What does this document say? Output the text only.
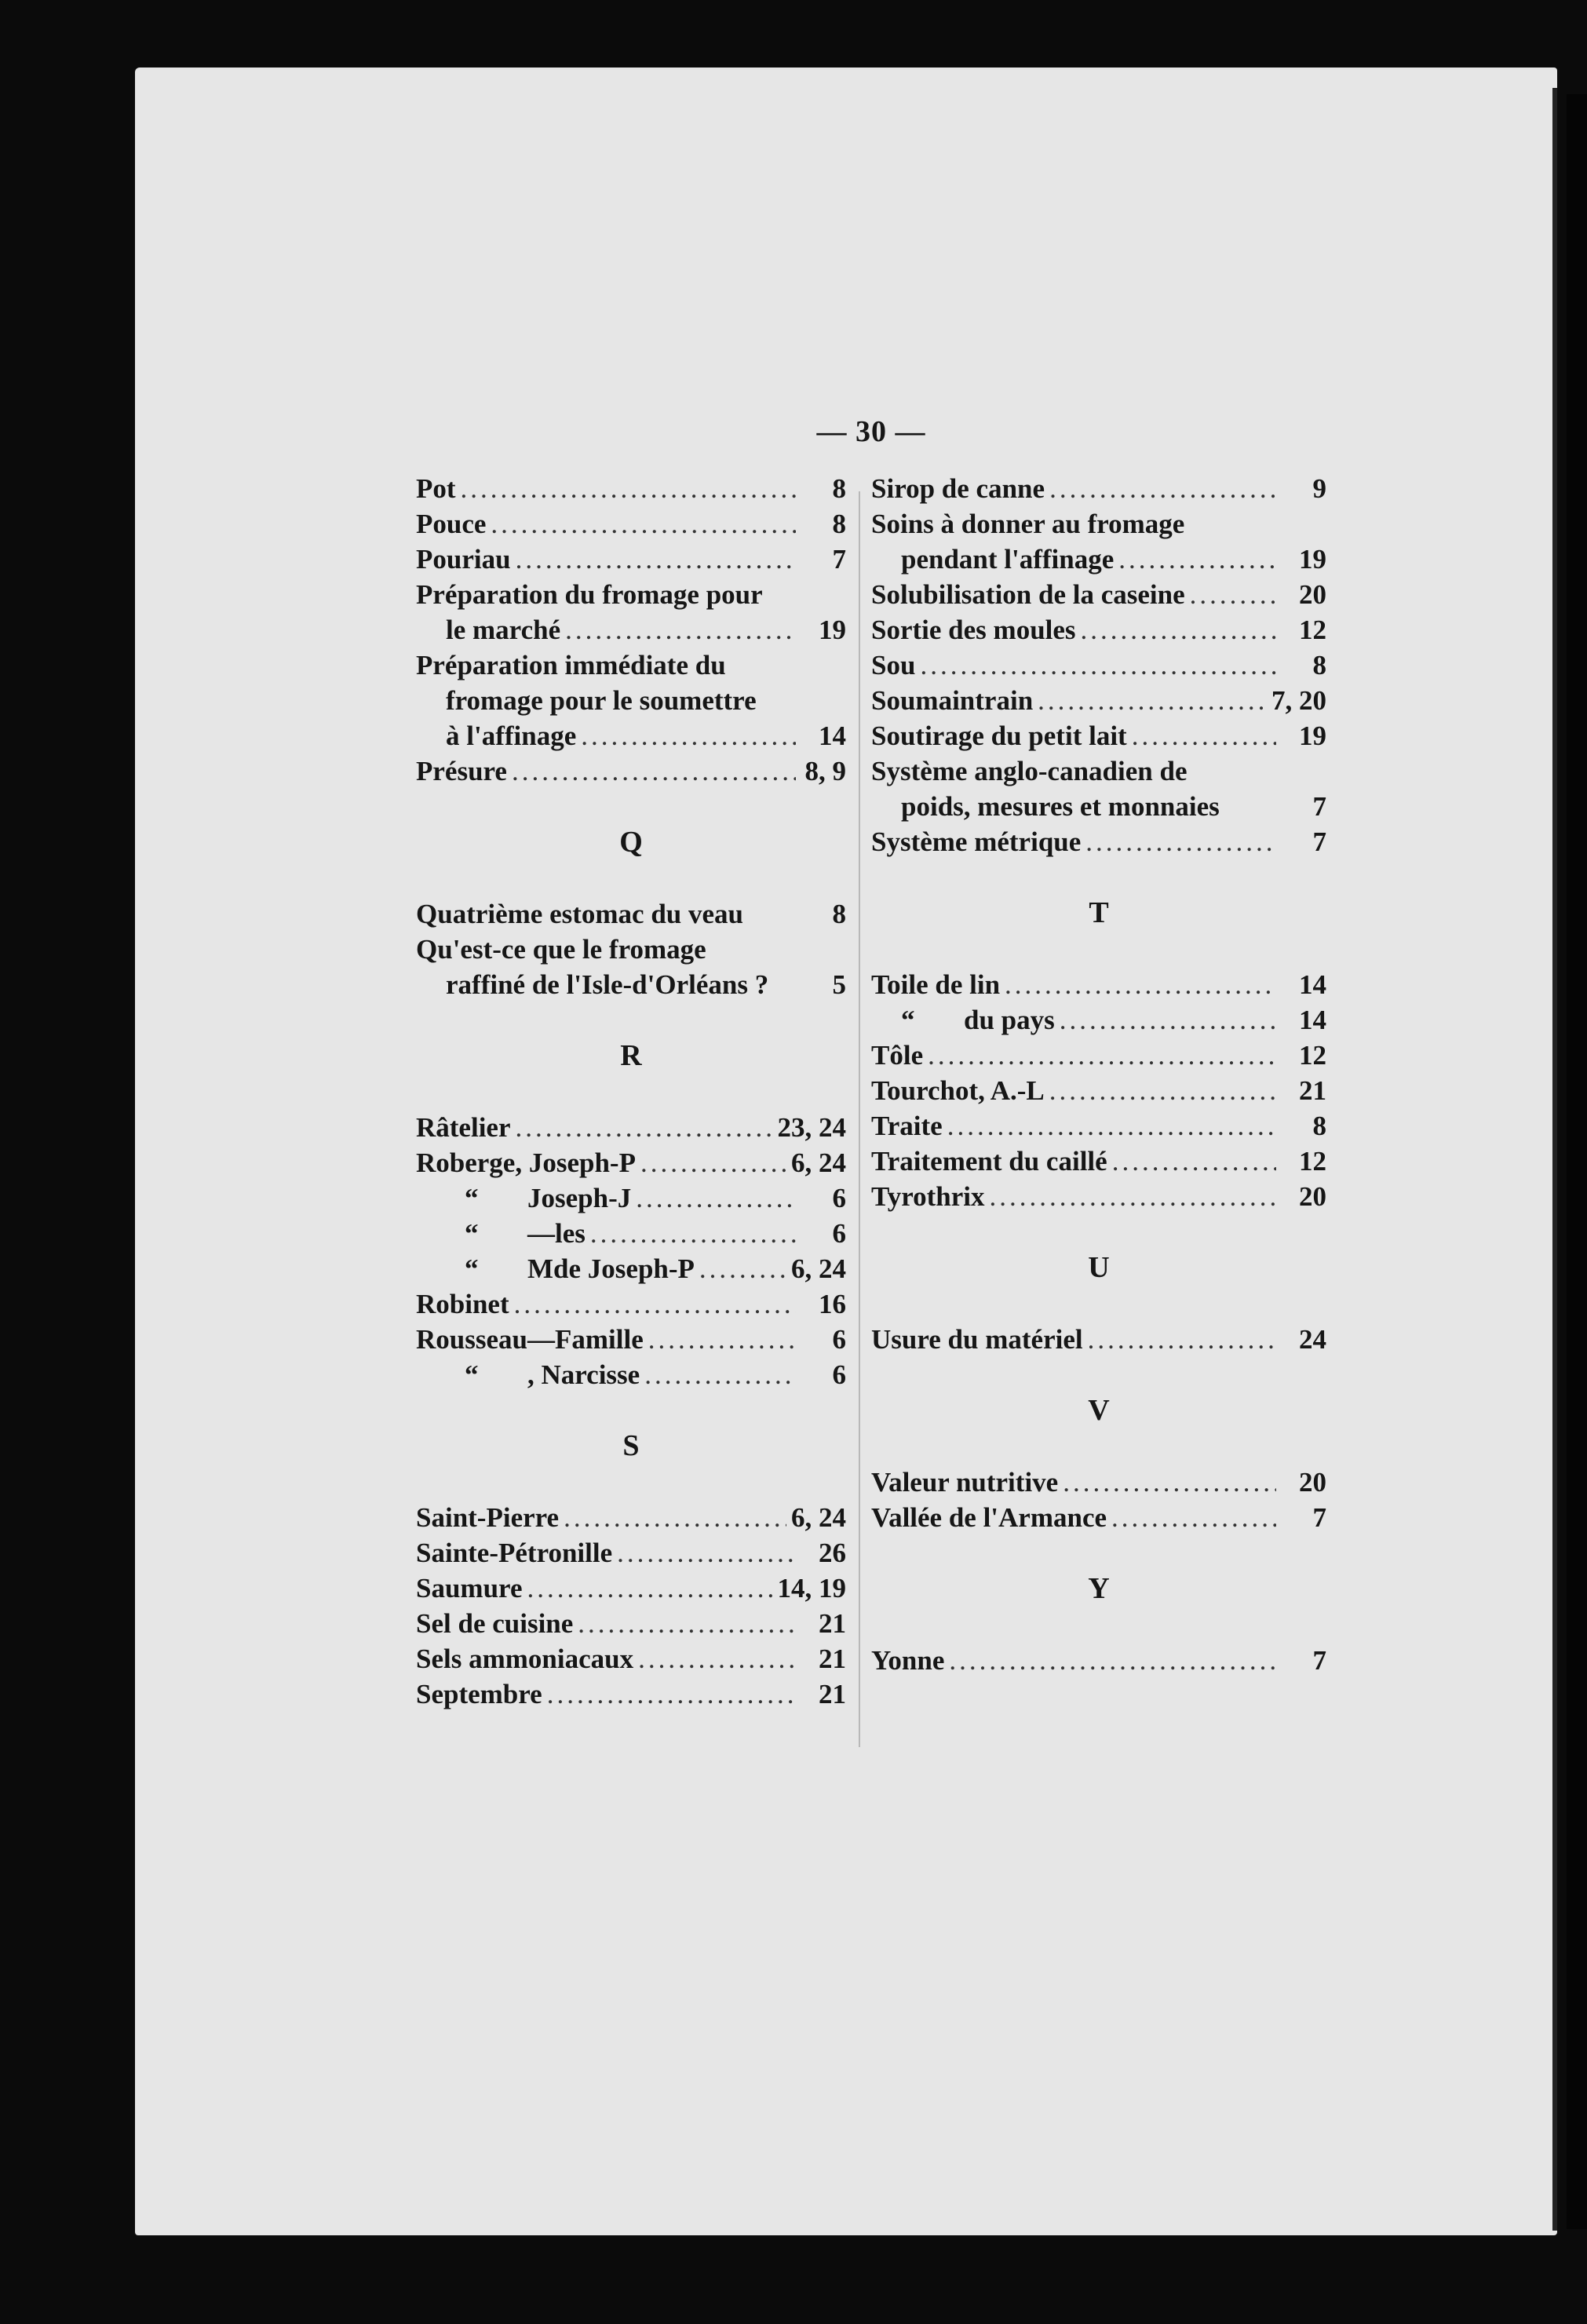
— 30 —
Pot .....	8
Pouce .....	8
Pouriau .....	7
Préparation du fromage pour
le marché .....	19
Préparation immédiate du
fromage pour le soumettre
à l'affinage .....	14
Présure .....	8, 9
Q
Quatrième estomac du veau	8
Qu'est-ce que le fromage
raffiné de l'Isle-d'Orléans ?	5
R
Râtelier .....	23, 24
Roberge, Joseph-P .....	6, 24
“ Joseph-J .....	6
“ —les .....	6
“ Mde Joseph-P .....	6, 24
Robinet .....	16
Rousseau—Famille .....	6
“ , Narcisse .....	6
S
Saint-Pierre .....	6, 24
Sainte-Pétronille .....	26
Saumure .....	14, 19
Sel de cuisine .....	21
Sels ammoniacaux .....	21
Septembre .....	21
Sirop de canne .....	9
Soins à donner au fromage
pendant l'affinage .....	19
Solubilisation de la caseine .....	20
Sortie des moules .....	12
Sou .....	8
Soumaintrain .....	7, 20
Soutirage du petit lait .....	19
Système anglo-canadien de
poids, mesures et monnaies	7
Système métrique .....	7
T
Toile de lin .....	14
“ du pays .....	14
Tôle .....	12
Tourchot, A.-L .....	21
Traite .....	8
Traitement du caillé .....	12
Tyrothrix .....	20
U
Usure du matériel .....	24
V
Valeur nutritive .....	20
Vallée de l'Armance .....	7
Y
Yonne .....	7
